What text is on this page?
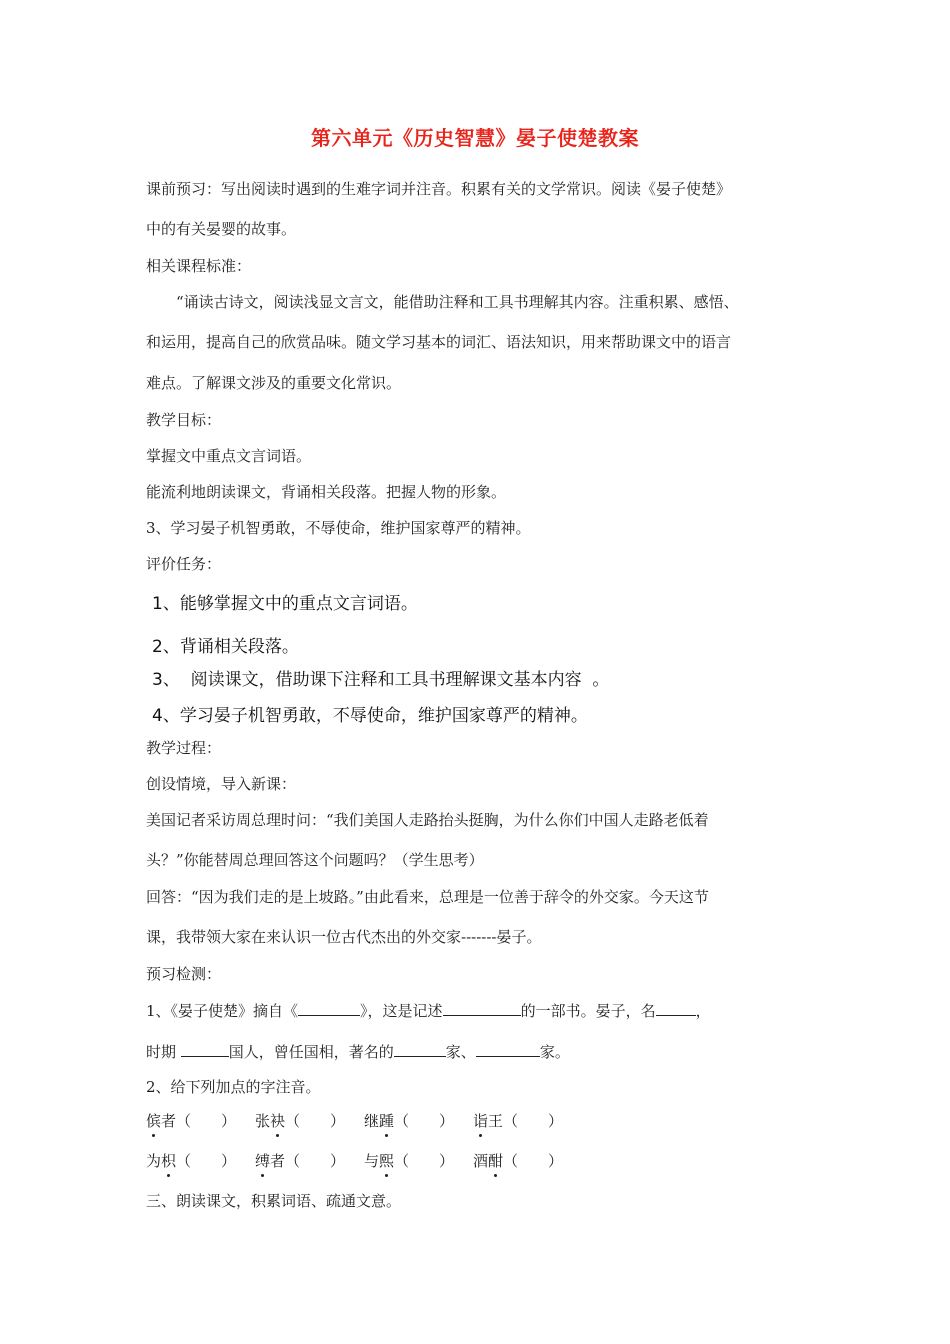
第六单元《历史智慧》晏子使楚教案
课前预习：写出阅读时遇到的生难字词并注音。积累有关的文学常识。阅读《晏子使楚》
中的有关晏婴的故事。
相关课程标准：
“诵读古诗文，阅读浅显文言文，能借助注释和工具书理解其内容。注重积累、感悟、
和运用，提高自己的欣赏品味。随文学习基本的词汇、语法知识，用来帮助课文中的语言
难点。了解课文涉及的重要文化常识。
教学目标：
掌握文中重点文言词语。
能流利地朗读课文，背诵相关段落。把握人物的形象。
3、学习晏子机智勇敢，不辱使命，维护国家尊严的精神。
评价任务：
1、能够掌握文中的重点文言词语。
2、背诵相关段落。
3、  阅读课文，借助课下注释和工具书理解课文基本内容  。
4、学习晏子机智勇敢，不辱使命，维护国家尊严的精神。
教学过程：
创设情境，导入新课：
美国记者采访周总理时问：“我们美国人走路抬头挺胸，为什么你们中国人走路老低着
头？”你能替周总理回答这个问题吗？（学生思考）
回答：“因为我们走的是上坡路。”由此看来，总理是一位善于辞令的外交家。今天这节
课，我带领大家在来认识一位古代杰出的外交家-------晏子。
预习检测：
1、《晏子使楚》摘自《	》，这是记述	的一部书。晏子，名	，
时期	国人，曾任国相，著名的	家、	家。
2、给下列加点的字注音。
傧者（　　） 张袂（　　） 继踵（　　） 诣王（　　）
为枳（　　） 缚者（　　） 与熙（　　） 酒酣（　　）
三、朗读课文，积累词语、疏通文意。
